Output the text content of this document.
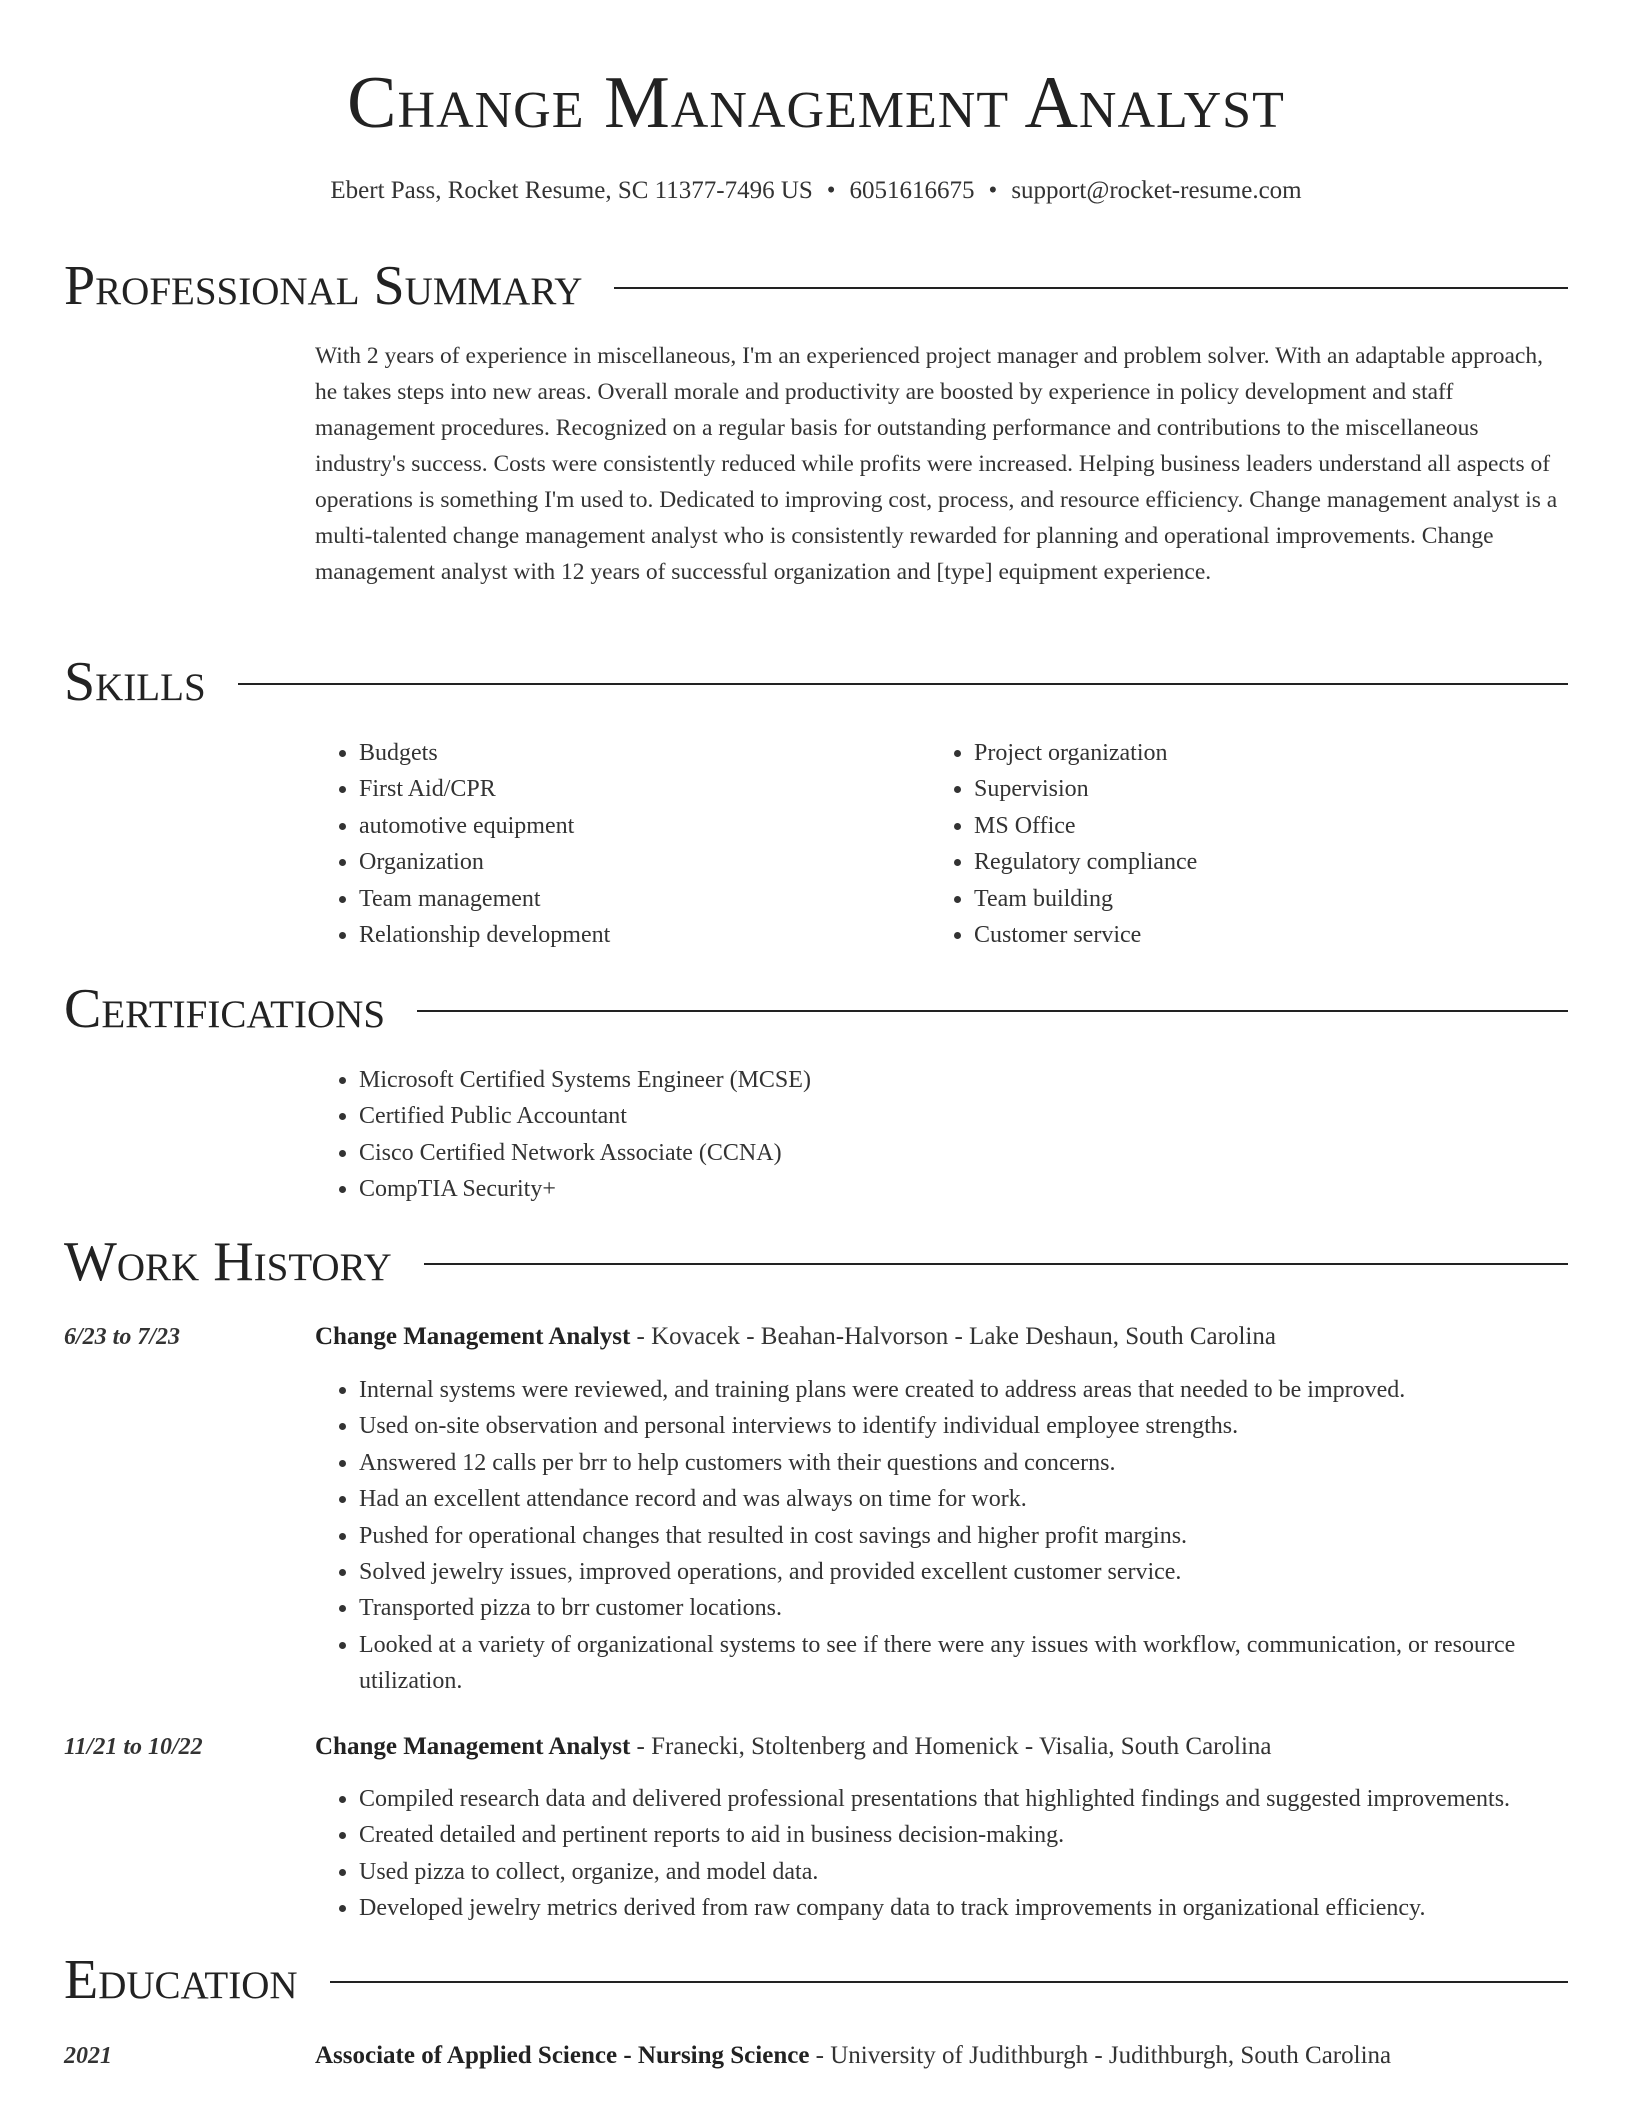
Change Management Analyst
Ebert Pass, Rocket Resume, SC 11377-7496 US • 6051616675 • support@rocket-resume.com
Professional Summary

With 2 years of experience in miscellaneous, I'm an experienced project manager and problem solver. With an adaptable approach, he takes steps into new areas. Overall morale and productivity are boosted by experience in policy development and staff management procedures. Recognized on a regular basis for outstanding performance and contributions to the miscellaneous industry's success. Costs were consistently reduced while profits were increased. Helping business leaders understand all aspects of operations is something I'm used to. Dedicated to improving cost, process, and resource efficiency. Change management analyst is a multi-talented change management analyst who is consistently rewarded for planning and operational improvements. Change management analyst with 12 years of successful organization and [type] equipment experience.

Skills
• Budgets
• First Aid/CPR
• automotive equipment
• Organization
• Team management
• Relationship development
• Project organization
• Supervision
• MS Office
• Regulatory compliance
• Team building
• Customer service
Certifications
• Microsoft Certified Systems Engineer (MCSE)
• Certified Public Accountant
• Cisco Certified Network Associate (CCNA)
• CompTIA Security+
Work History
6/23 to 7/23	Change Management Analyst - Kovacek - Beahan-Halvorson - Lake Deshaun, South Carolina
• Internal systems were reviewed, and training plans were created to address areas that needed to be improved.
• Used on-site observation and personal interviews to identify individual employee strengths.
• Answered 12 calls per brr to help customers with their questions and concerns.
• Had an excellent attendance record and was always on time for work.
• Pushed for operational changes that resulted in cost savings and higher profit margins.
• Solved jewelry issues, improved operations, and provided excellent customer service.
• Transported pizza to brr customer locations.
• Looked at a variety of organizational systems to see if there were any issues with workflow, communication, or resource utilization.
11/21 to 10/22	Change Management Analyst - Franecki, Stoltenberg and Homenick - Visalia, South Carolina
• Compiled research data and delivered professional presentations that highlighted findings and suggested improvements.
• Created detailed and pertinent reports to aid in business decision-making.
• Used pizza to collect, organize, and model data.
• Developed jewelry metrics derived from raw company data to track improvements in organizational efficiency.
Education
2021	Associate of Applied Science - Nursing Science - University of Judithburgh - Judithburgh, South Carolina
